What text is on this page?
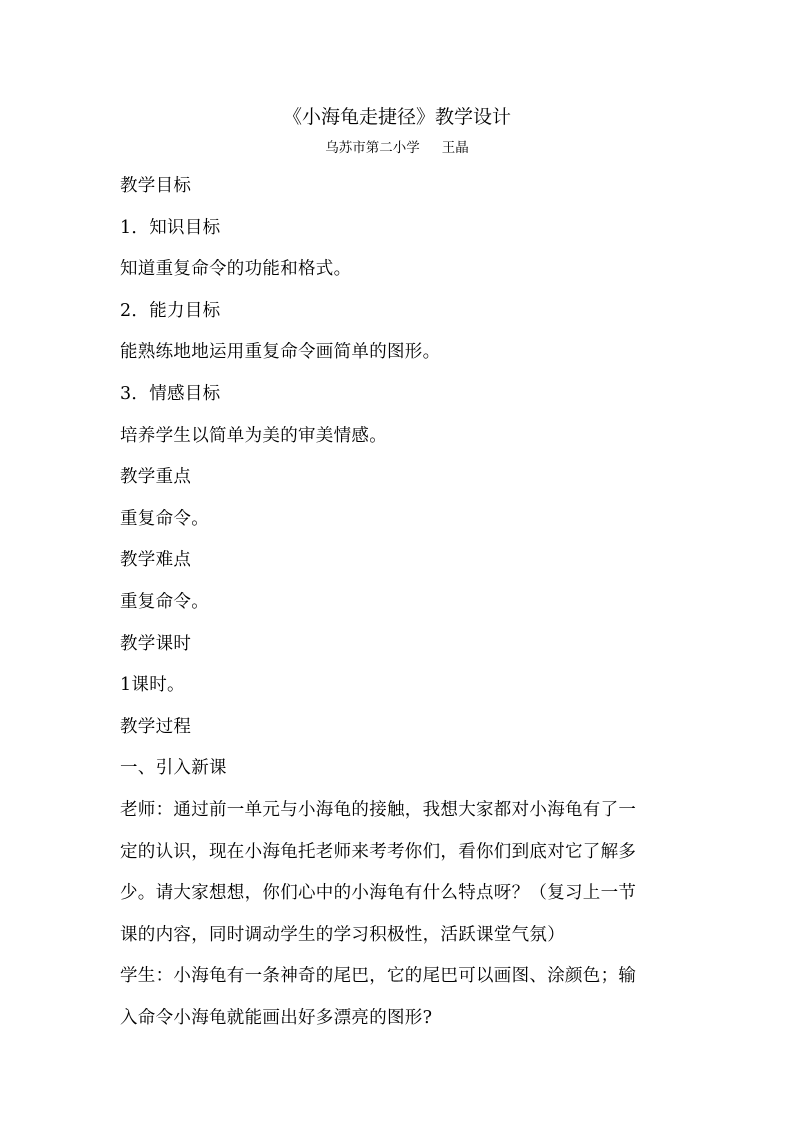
《小海龟走捷径》教学设计
乌苏市第二小学 王晶
教学目标
1．知识目标
知道重复命令的功能和格式。
2．能力目标
能熟练地地运用重复命令画简单的图形。
3．情感目标
培养学生以简单为美的审美情感。
教学重点
重复命令。
教学难点
重复命令。
教学课时
1课时。
教学过程
一、引入新课
老师：通过前一单元与小海龟的接触，我想大家都对小海龟有了一
定的认识，现在小海龟托老师来考考你们，看你们到底对它了解多
少。请大家想想，你们心中的小海龟有什么特点呀？（复习上一节
课的内容，同时调动学生的学习积极性，活跃课堂气氛）
学生：小海龟有一条神奇的尾巴，它的尾巴可以画图、涂颜色；输
入命令小海龟就能画出好多漂亮的图形?
